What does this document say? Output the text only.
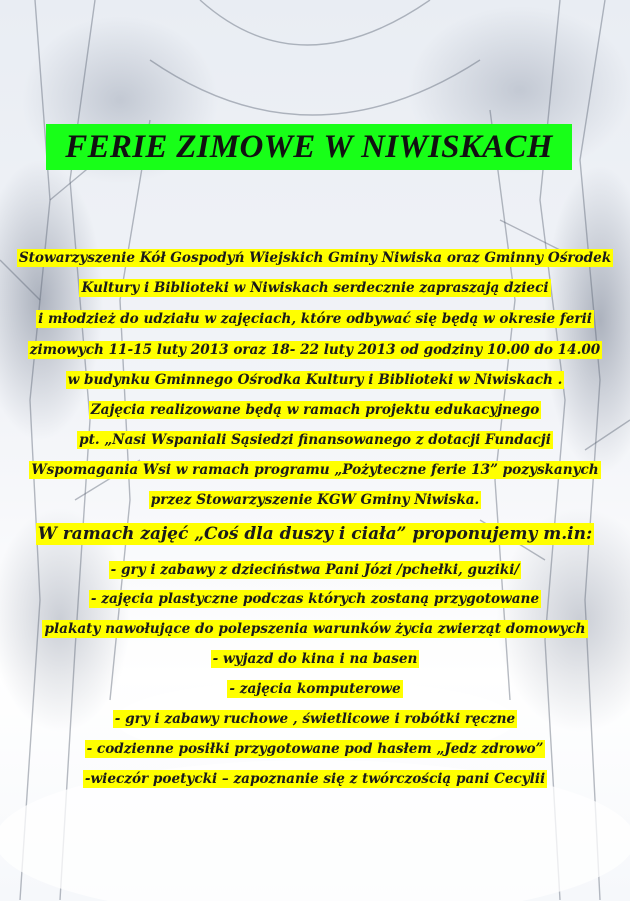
FERIE ZIMOWE W NIWISKACH
Stowarzyszenie Kół Gospodyń Wiejskich Gminy Niwiska oraz Gminny Ośrodek
Kultury i Biblioteki w Niwiskach serdecznie zapraszają dzieci
i młodzież do udziału w zajęciach, które odbywać się będą w okresie ferii
zimowych 11-15 luty 2013 oraz 18- 22 luty 2013 od godziny 10.00 do 14.00
w budynku Gminnego Ośrodka Kultury i Biblioteki w Niwiskach .
Zajęcia realizowane będą w ramach projektu edukacyjnego
pt. „Nasi Wspaniali Sąsiedzi finansowanego z dotacji Fundacji
Wspomagania Wsi w ramach programu „Pożyteczne ferie 13” pozyskanych
przez Stowarzyszenie KGW Gminy Niwiska.
W ramach zajęć „Coś dla duszy i ciała” proponujemy m.in:
- gry i zabawy z dzieciństwa Pani Józi /pchełki, guziki/
- zajęcia plastyczne podczas których zostaną przygotowane
plakaty nawołujące do polepszenia warunków życia zwierząt domowych
- wyjazd do kina i na basen
- zajęcia komputerowe
- gry i zabawy ruchowe , świetlicowe i robótki ręczne
- codzienne posiłki przygotowane pod hasłem „Jedz zdrowo”
-wieczór poetycki – zapoznanie się z twórczością pani Cecylii
